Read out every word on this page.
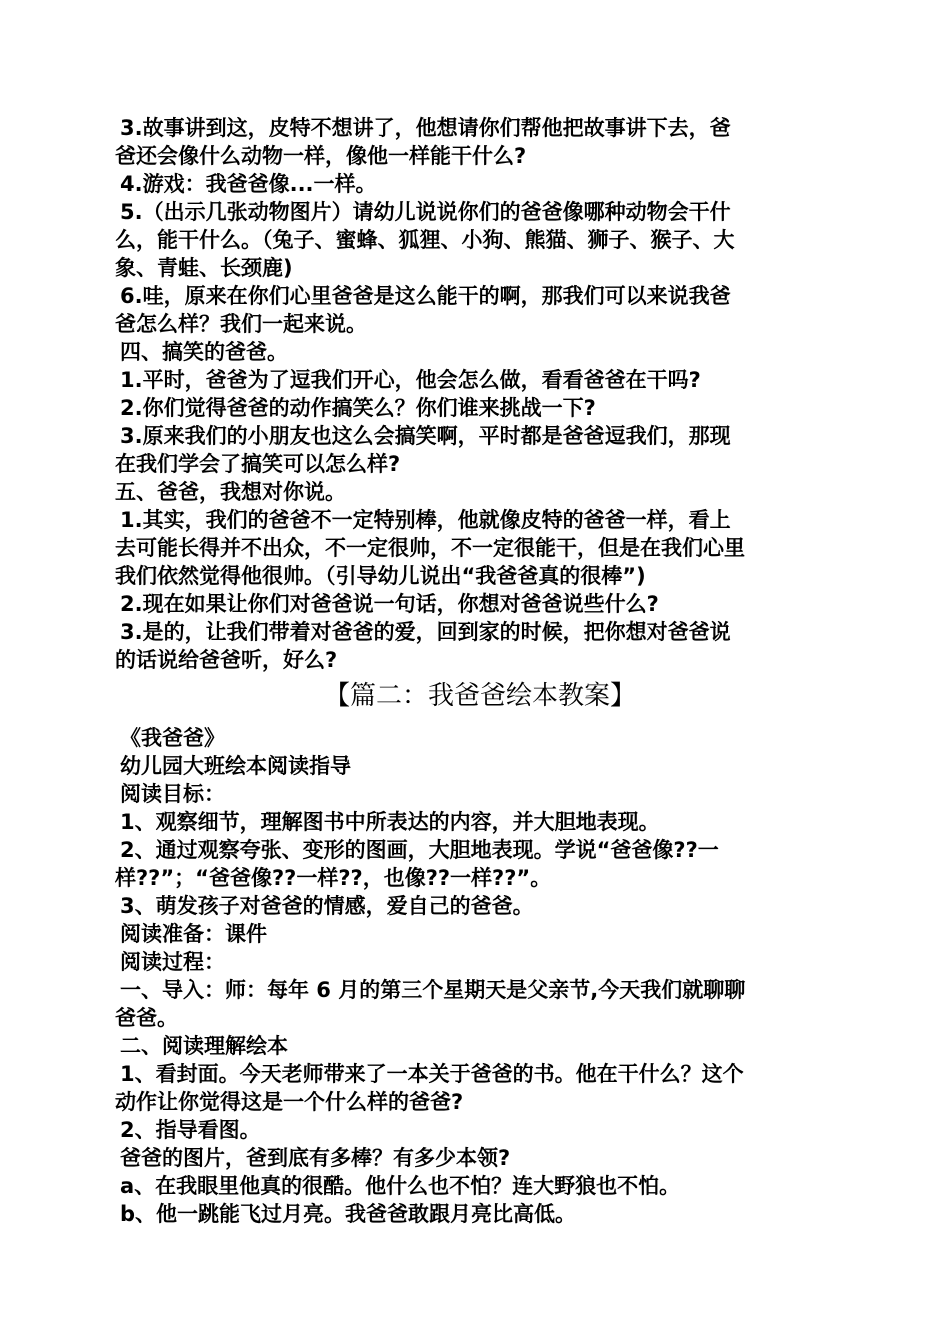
3.故事讲到这，皮特不想讲了，他想请你们帮他把故事讲下去，爸
爸还会像什么动物一样，像他一样能干什么?
4.游戏：我爸爸像...一样。
5.（出示几张动物图片）请幼儿说说你们的爸爸像哪种动物会干什
么，能干什么。（兔子、蜜蜂、狐狸、小狗、熊猫、狮子、猴子、大
象、青蛙、长颈鹿)
6.哇，原来在你们心里爸爸是这么能干的啊，那我们可以来说我爸
爸怎么样？我们一起来说。
四、搞笑的爸爸。
1.平时，爸爸为了逗我们开心，他会怎么做，看看爸爸在干吗?
2.你们觉得爸爸的动作搞笑么？你们谁来挑战一下?
3.原来我们的小朋友也这么会搞笑啊，平时都是爸爸逗我们，那现
在我们学会了搞笑可以怎么样?
五、爸爸，我想对你说。
1.其实，我们的爸爸不一定特别棒，他就像皮特的爸爸一样，看上
去可能长得并不出众，不一定很帅，不一定很能干，但是在我们心里
我们依然觉得他很帅。（引导幼儿说出“我爸爸真的很棒”)
2.现在如果让你们对爸爸说一句话，你想对爸爸说些什么?
3.是的，让我们带着对爸爸的爱，回到家的时候，把你想对爸爸说
的话说给爸爸听，好么?
【篇二：我爸爸绘本教案】
《我爸爸》
幼儿园大班绘本阅读指导
阅读目标：
1、观察细节，理解图书中所表达的内容，并大胆地表现。
2、通过观察夸张、变形的图画，大胆地表现。学说“爸爸像??一
样??”；“爸爸像??一样??，也像??一样??”。
3、萌发孩子对爸爸的情感，爱自己的爸爸。
阅读准备：课件
阅读过程：
一、导入：师：每年 6 月的第三个星期天是父亲节,今天我们就聊聊
爸爸。
二、阅读理解绘本
1、看封面。今天老师带来了一本关于爸爸的书。他在干什么？这个
动作让你觉得这是一个什么样的爸爸?
2、指导看图。
爸爸的图片，爸到底有多棒？有多少本领?
a、在我眼里他真的很酷。他什么也不怕？连大野狼也不怕。
b、他一跳能飞过月亮。我爸爸敢跟月亮比高低。
